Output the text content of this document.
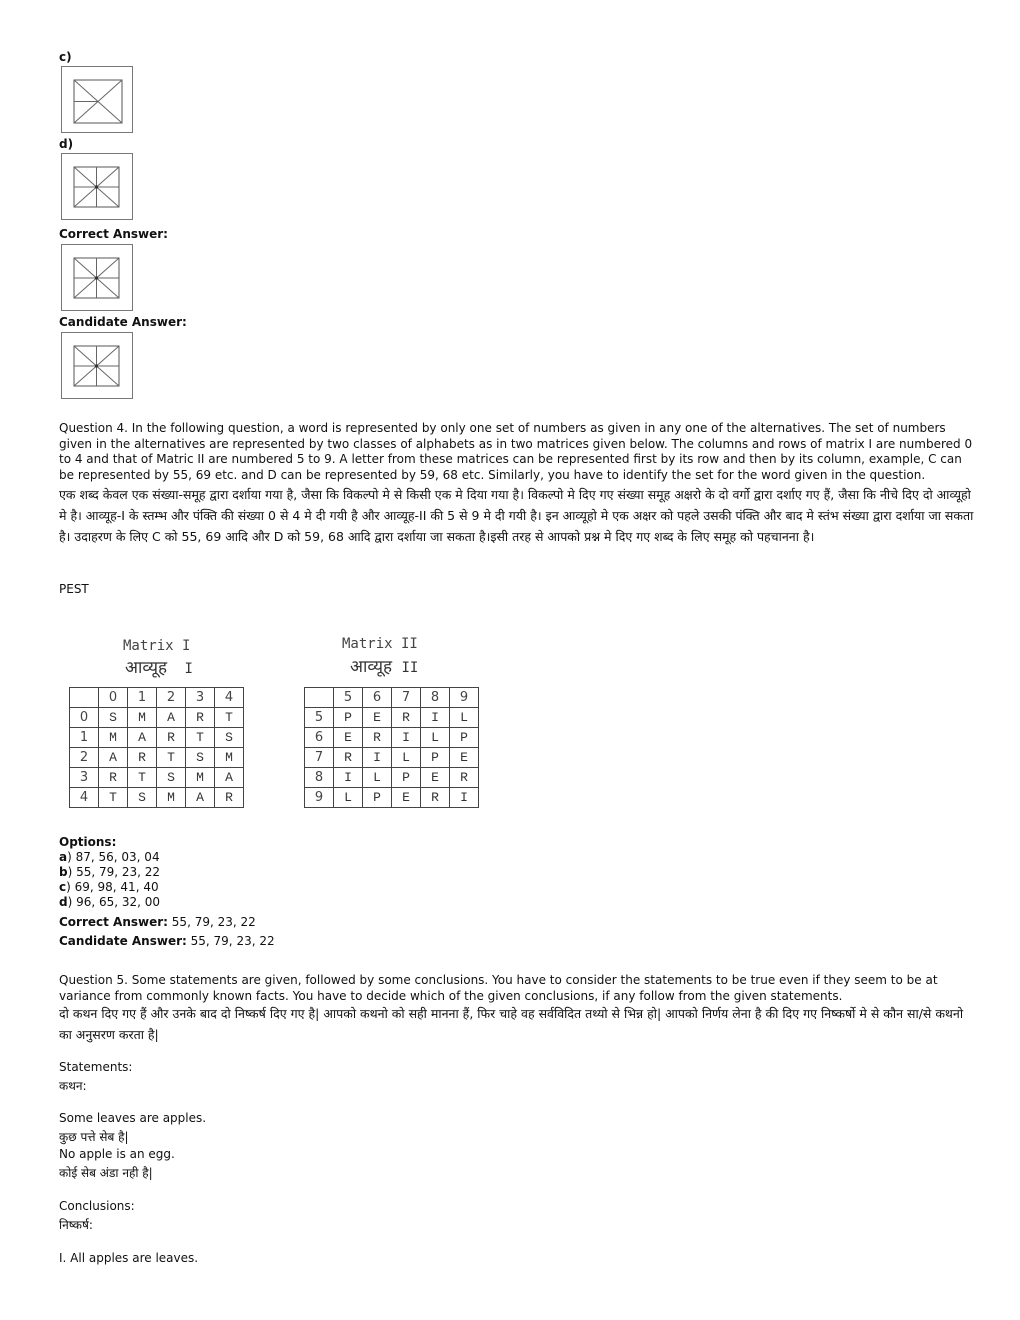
c)
d)
Correct Answer:
Candidate Answer:
Question 4. In the following question, a word is represented by only one set of numbers as given in any one of the alternatives. The set of numbers given in the alternatives are represented by two classes of alphabets as in two matrices given below. The columns and rows of matrix I are numbered 0 to 4 and that of Matric II are numbered 5 to 9. A letter from these matrices can be represented first by its row and then by its column, example, C can be represented by 55, 69 etc. and D can be represented by 59, 68 etc. Similarly, you have to identify the set for the word given in the question.
एक शब्द केवल एक संख्या-समूह द्वारा दर्शाया गया है, जैसा कि विकल्पो मे से किसी एक मे दिया गया है। विकल्पो मे दिए गए संख्या समूह अक्षरो के दो वर्गो द्वारा दर्शाए गए हैं, जैसा कि नीचे दिए दो आव्यूहो मे है। आव्यूह-I के स्तम्भ और पंक्ति की संख्या 0 से 4 मे दी गयी है और आव्यूह-II की 5 से 9 मे दी गयी है। इन आव्यूहो मे एक अक्षर को पहले उसकी पंक्ति और बाद मे स्तंभ संख्या द्वारा दर्शाया जा सकता है। उदाहरण के लिए C को 55, 69 आदि और D को 59, 68 आदि द्वारा दर्शाया जा सकता है।इसी तरह से आपको प्रश्न मे दिए गए शब्द के लिए समूह को पहचानना है।
PEST
Matrix I
आव्यूह I
	0	1	2	3	4
0	S	M	A	R	T
1	M	A	R	T	S
2	A	R	T	S	M
3	R	T	S	M	A
4	T	S	M	A	R
Matrix II
आव्यूह II
	5	6	7	8	9
5	P	E	R	I	L
6	E	R	I	L	P
7	R	I	L	P	E
8	I	L	P	E	R
9	L	P	E	R	I
Options:
a) 87, 56, 03, 04
b) 55, 79, 23, 22
c) 69, 98, 41, 40
d) 96, 65, 32, 00
Correct Answer: 55, 79, 23, 22
Candidate Answer: 55, 79, 23, 22
Question 5. Some statements are given, followed by some conclusions. You have to consider the statements to be true even if they seem to be at variance from commonly known facts. You have to decide which of the given conclusions, if any follow from the given statements.
दो कथन दिए गए हैं और उनके बाद दो निष्कर्ष दिए गए है| आपको कथनो को सही मानना हैं, फिर चाहे वह सर्वविदित तथ्यो से भिन्न हो| आपको निर्णय लेना है की दिए गए निष्कर्षो मे से कौन सा/से कथनो का अनुसरण करता है|
Statements:
कथन:
Some leaves are apples.
कुछ पत्ते सेब है|
No apple is an egg.
कोई सेब अंडा नही है|
Conclusions:
निष्कर्ष:
I. All apples are leaves.
